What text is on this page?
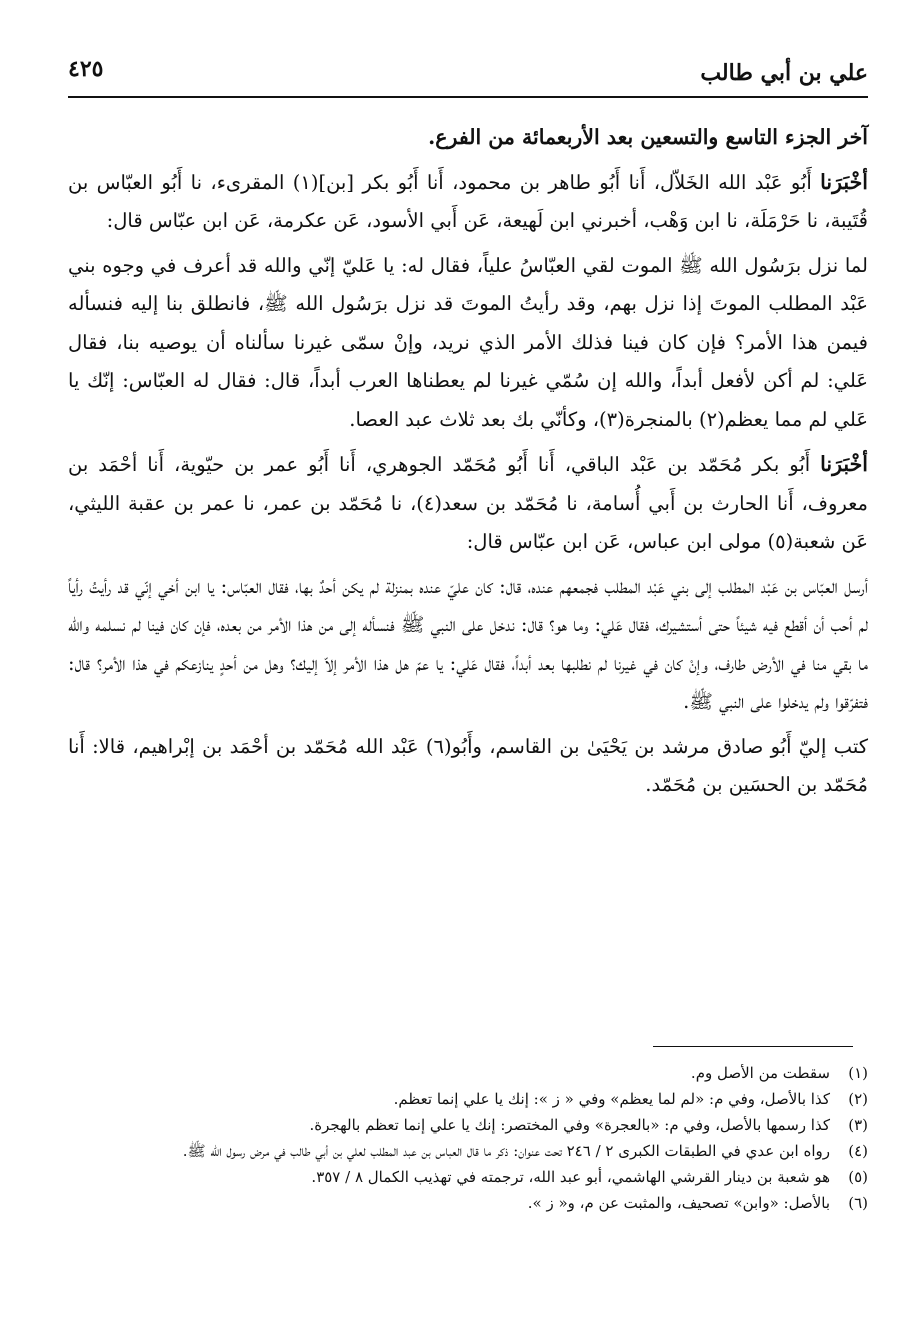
علي بن أبي طالب
٤٢٥

آخر الجزء التاسع والتسعين بعد الأربعمائة من الفرع.

أخْبَرَنا أَبُو عَبْد الله الخَلاّل، أَنا أَبُو طاهر بن محمود، أَنا أَبُو بكر [بن](١) المقرىء، نا أَبُو العبّاس بن قُتَيبة، نا حَرْمَلَة، نا ابن وَهْب، أخبرني ابن لَهيعة، عَن أَبي الأسود، عَن عكرمة، عَن ابن عبّاس قال:

لما نزل برَسُول الله ﷺ الموت لقي العبّاسُ علياً، فقال له: يا عَليّ إنّي والله قد أعرف في وجوه بني عَبْد المطلب الموتَ إذا نزل بهم، وقد رأيتُ الموتَ قد نزل برَسُول الله ﷺ، فانطلق بنا إليه فنسأله فيمن هذا الأمر؟ فإن كان فينا فذلك الأمر الذي نريد، وإنْ سمّى غيرنا سألناه أن يوصيه بنا، فقال عَلي: لم أكن لأفعل أبداً، والله إن سُمّي غيرنا لم يعطناها العرب أبداً، قال: فقال له العبّاس: إنّك يا عَلي لم مما يعظم(٢) بالمنجرة(٣)، وكأنّي بك بعد ثلاث عبد العصا.

أخْبَرَنا أَبُو بكر مُحَمّد بن عَبْد الباقي، أَنا أَبُو مُحَمّد الجوهري، أَنا أَبُو عمر بن حيّوية، أَنا أحْمَد بن معروف، أَنا الحارث بن أَبي أُسامة، نا مُحَمّد بن سعد(٤)، نا مُحَمّد بن عمر، نا عمر بن عقبة الليثي، عَن شعبة(٥) مولى ابن عباس، عَن ابن عبّاس قال:

أرسل العبّاس بن عَبْد المطلب إلى بني عَبْد المطلب فجمعهم عنده، قال: كان عليّ عنده بمنزلة لم يكن أحدٌ بها، فقال العبّاس: يا ابن أخي إنّي قد رأيتُ رأياً لم أحب أن أقطع فيه شيئاً حتى أستشيرك، فقال عَلي: وما هو؟ قال: ندخل على النبي ﷺ فنسأله إلى من هذا الأمر من بعده، فإن كان فينا لم نسلمه والله ما بقي منا في الأرض طارف، وإنْ كان في غيرنا لم نطلبها بعد أبداً، فقال عَلي: يا عمّ هل هذا الأمر إلاّ إليك؟ وهل من أحدٍ ينازعكم في هذا الأمر؟ قال: فتفرّقوا ولم يدخلوا على النبي ﷺ.

كتب إليّ أَبُو صادق مرشد بن يَحْيَىٰ بن القاسم، وأَبُو(٦) عَبْد الله مُحَمّد بن أحْمَد بن إبْراهيم، قالا: أَنا مُحَمّد بن الحسَين بن مُحَمّد.

(١)
سقطت من الأصل وم.
(٢)
كذا بالأصل، وفي م: «لم لما يعظم» وفي « ز »: إنك يا علي إنما تعظم.
(٣)
كذا رسمها بالأصل، وفي م: «بالعجرة» وفي المختصر: إنك يا علي إنما تعظم بالهجرة.
(٤)
رواه ابن عدي في الطبقات الكبرى ٢ / ٢٤٦ تحت عنوان: ذكر ما قال العباس بن عبد المطلب لعلي بن أبي طالب في مرض رسول الله ﷺ.
(٥)
هو شعبة بن دينار القرشي الهاشمي، أبو عبد الله، ترجمته في تهذيب الكمال ٨ / ٣٥٧.
(٦)
بالأصل: «وابن» تصحيف، والمثبت عن م، و« ز ».
